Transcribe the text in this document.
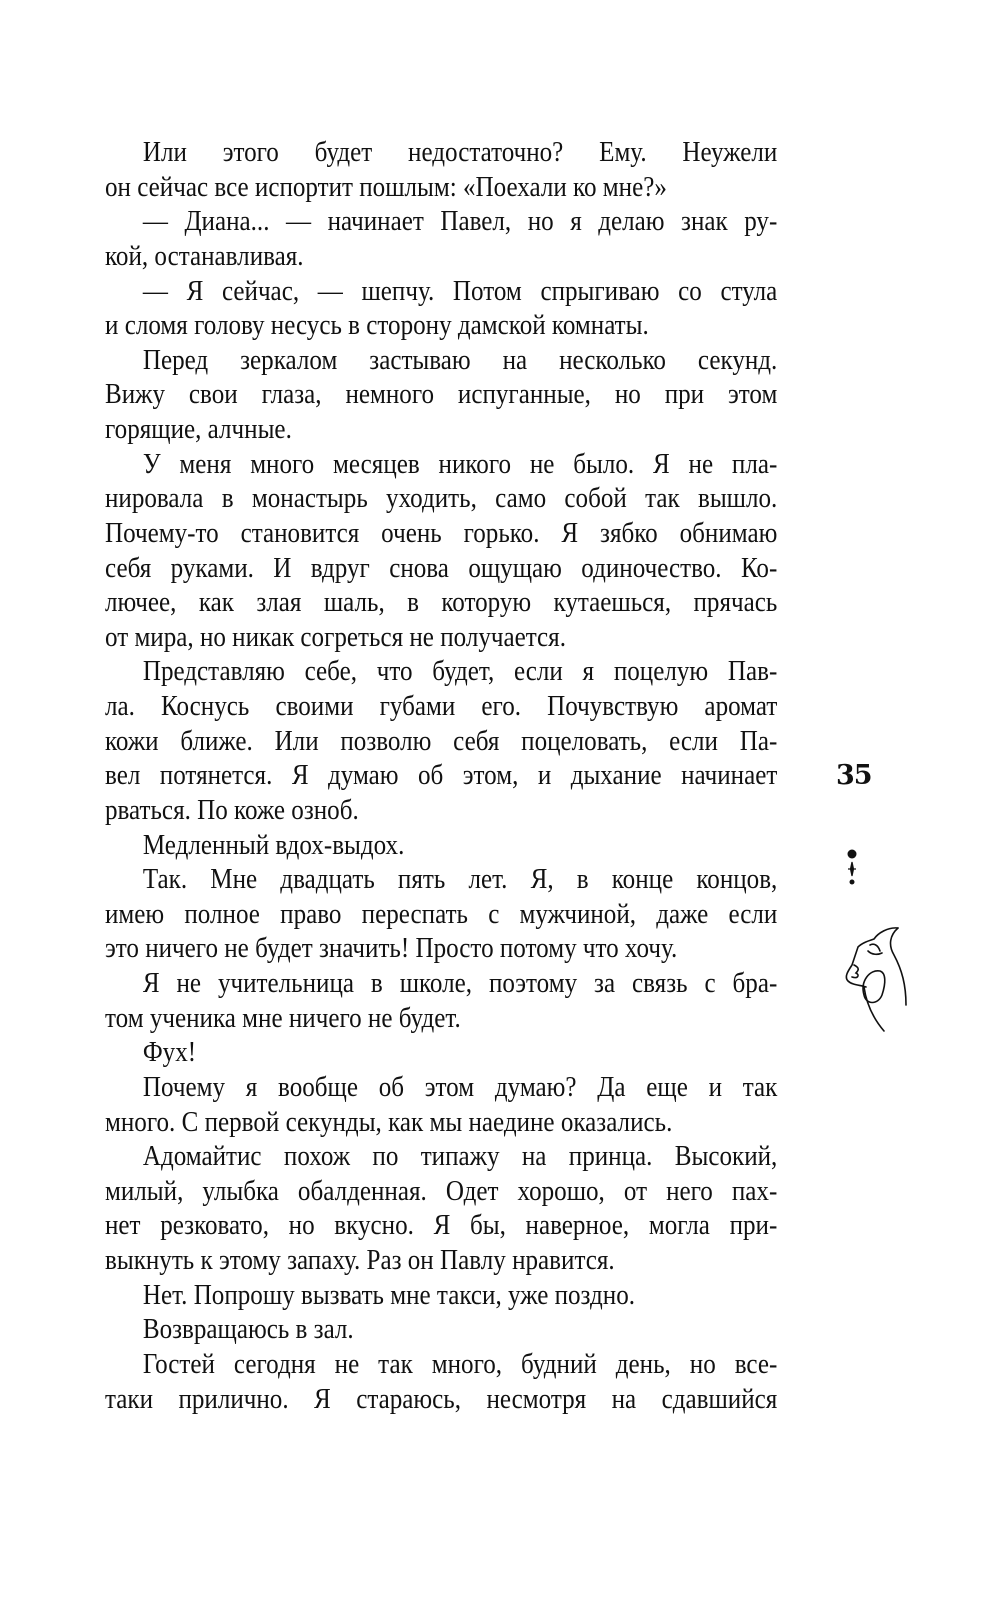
Или этого будет недостаточно? Ему. Неужели
он сейчас все испортит пошлым: «Поехали ко мне?»
— Диана... — начинает Павел, но я делаю знак ру-
кой, останавливая.
— Я сейчас, — шепчу. Потом спрыгиваю со стула
и сломя голову несусь в сторону дамской комнаты.
Перед зеркалом застываю на несколько секунд.
Вижу свои глаза, немного испуганные, но при этом
горящие, алчные.
У меня много месяцев никого не было. Я не пла-
нировала в монастырь уходить, само собой так вышло.
Почему-то становится очень горько. Я зябко обнимаю
себя руками. И вдруг снова ощущаю одиночество. Ко-
лючее, как злая шаль, в которую кутаешься, прячась
от мира, но никак согреться не получается.
Представляю себе, что будет, если я поцелую Пав-
ла. Коснусь своими губами его. Почувствую аромат
кожи ближе. Или позволю себя поцеловать, если Па-
вел потянется. Я думаю об этом, и дыхание начинает
рваться. По коже озноб.
Медленный вдох-выдох.
Так. Мне двадцать пять лет. Я, в конце концов,
имею полное право переспать с мужчиной, даже если
это ничего не будет значить! Просто потому что хочу.
Я не учительница в школе, поэтому за связь с бра-
том ученика мне ничего не будет.
Фух!
Почему я вообще об этом думаю? Да еще и так
много. С первой секунды, как мы наедине оказались.
Адомайтис похож по типажу на принца. Высокий,
милый, улыбка обалденная. Одет хорошо, от него пах-
нет резковато, но вкусно. Я бы, наверное, могла при-
выкнуть к этому запаху. Раз он Павлу нравится.
Нет. Попрошу вызвать мне такси, уже поздно.
Возвращаюсь в зал.
Гостей сегодня не так много, будний день, но все-
таки прилично. Я стараюсь, несмотря на сдавшийся
35
